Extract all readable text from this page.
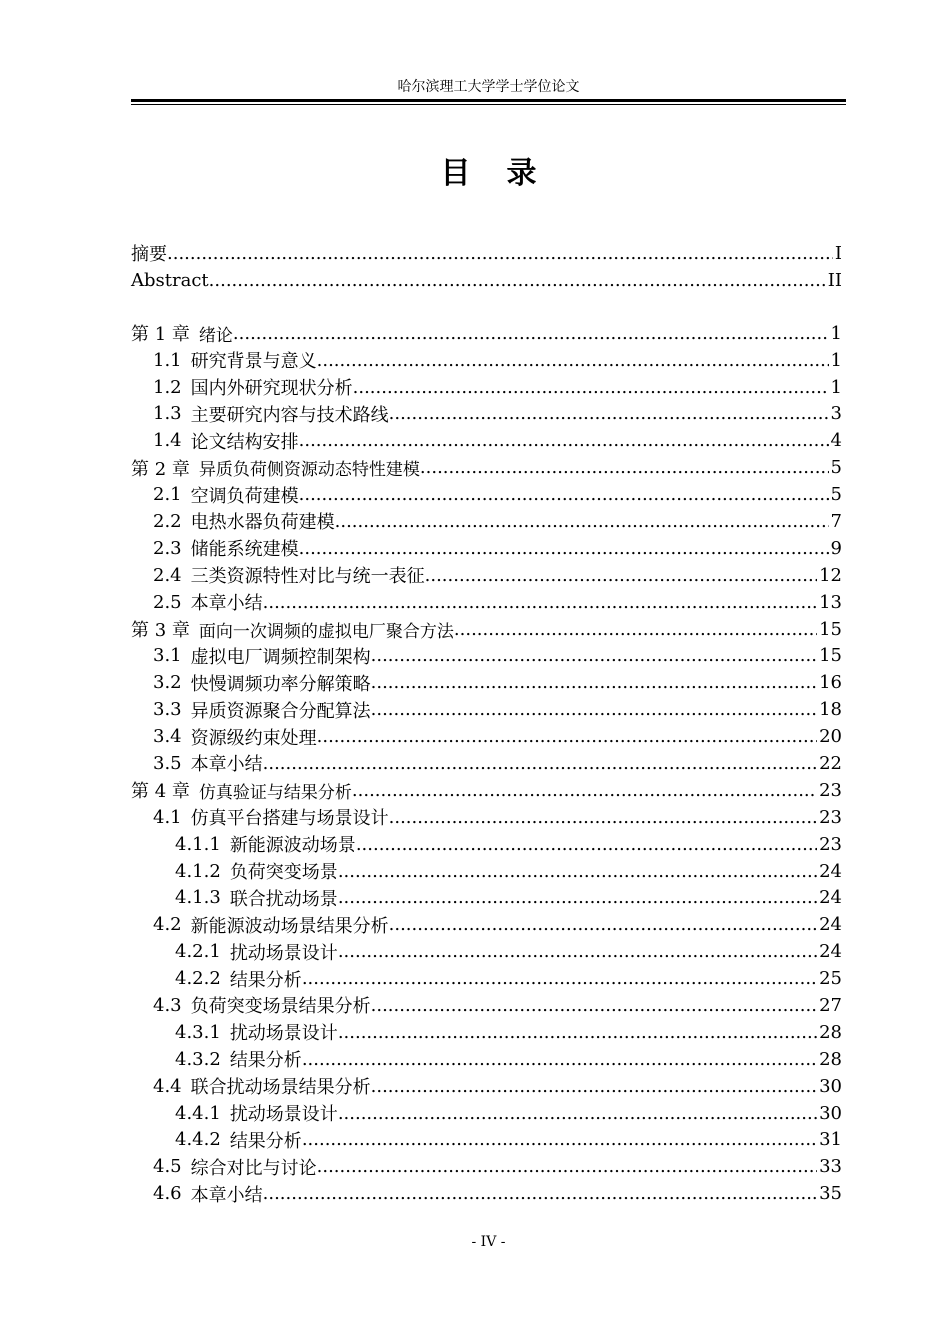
哈尔滨理工大学学士学位论文
目 录
摘要 .....	I
Abstract .....	II
第 1 章 绪论 .....	1
1.1 研究背景与意义 .....	1
1.2 国内外研究现状分析 .....	1
1.3 主要研究内容与技术路线 .....	3
1.4 论文结构安排 .....	4
第 2 章 异质负荷侧资源动态特性建模 .....	5
2.1 空调负荷建模 .....	5
2.2 电热水器负荷建模 .....	7
2.3 储能系统建模 .....	9
2.4 三类资源特性对比与统一表征 .....	12
2.5 本章小结 .....	13
第 3 章 面向一次调频的虚拟电厂聚合方法 .....	15
3.1 虚拟电厂调频控制架构 .....	15
3.2 快慢调频功率分解策略 .....	16
3.3 异质资源聚合分配算法 .....	18
3.4 资源级约束处理 .....	20
3.5 本章小结 .....	22
第 4 章 仿真验证与结果分析 .....	23
4.1 仿真平台搭建与场景设计 .....	23
4.1.1 新能源波动场景 .....	23
4.1.2 负荷突变场景 .....	24
4.1.3 联合扰动场景 .....	24
4.2 新能源波动场景结果分析 .....	24
4.2.1 扰动场景设计 .....	24
4.2.2 结果分析 .....	25
4.3 负荷突变场景结果分析 .....	27
4.3.1 扰动场景设计 .....	28
4.3.2 结果分析 .....	28
4.4 联合扰动场景结果分析 .....	30
4.4.1 扰动场景设计 .....	30
4.4.2 结果分析 .....	31
4.5 综合对比与讨论 .....	33
4.6 本章小结 .....	35
- IV -
